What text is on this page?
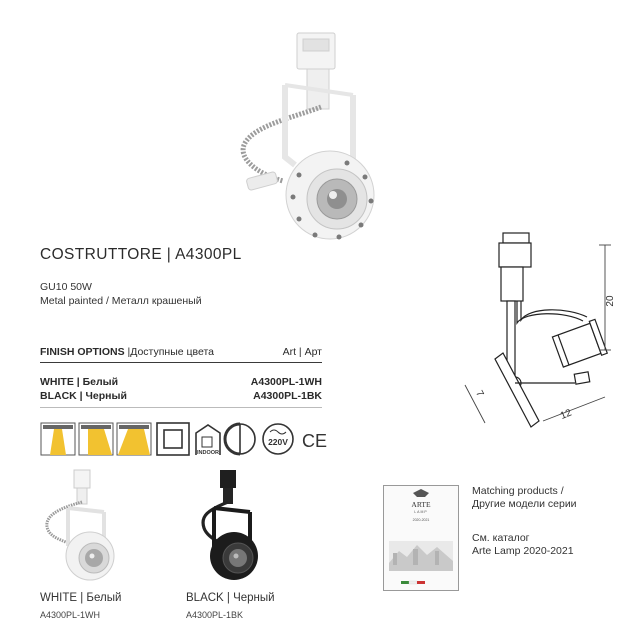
COSTRUTTORE | A4300PL
GU10 50W
Metal painted / Металл крашеный
FINISH OPTIONS |Доступные цвета	Art | Арт
WHITE | Белый	A4300PL-1WH
BLACK | Черный	A4300PL-1BK
INDOOR
220V CE
20
12
7
WHITE | Белый
A4300PL-1WH
BLACK | Черный
A4300PL-1BK
ARTE
LAMP
2020-2021
Matching products /
Другие модели серии
См. каталог
Arte Lamp 2020-2021
